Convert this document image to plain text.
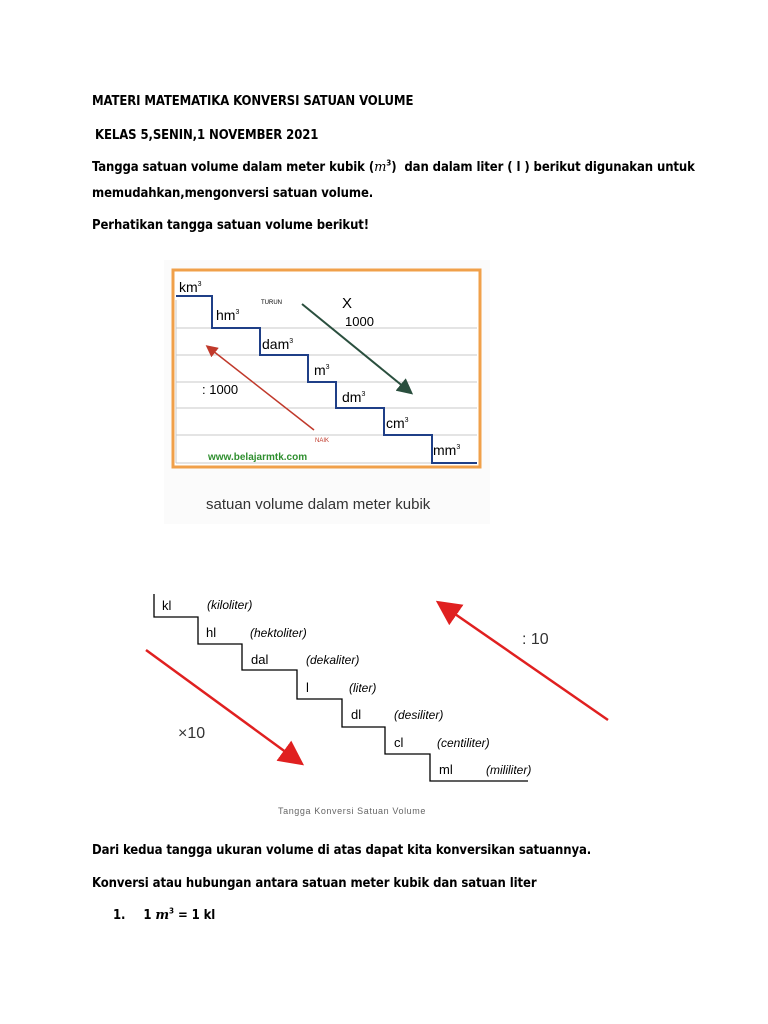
MATERI MATEMATIKA KONVERSI SATUAN VOLUME
KELAS 5,SENIN,1 NOVEMBER 2021
Tangga satuan volume dalam meter kubik $(m^3)$  dan dalam liter ( l ) berikut digunakan untuk
memudahkan,mengonversi satuan volume.
Perhatikan tangga satuan volume berikut!
$km^3$
$hm^3$
dam$^3$
$m^3$
$dm^3$
$cm^3$
$mm^3$
TURUN	X
1000
: 1000
NAIK
www.belajarmtk.com
satuan volume dalam meter kubik
kl	(kiloliter)
hl	(hektoliter)
dal	(dekaliter)
l	(liter)
dl	(desiliter)
cl	(centiliter)
ml	(mililiter)
×10
: 10
Tangga Konversi Satuan Volume
Dari kedua tangga ukuran volume di atas dapat kita konversikan satuannya.
Konversi atau hubungan antara satuan meter kubik dan satuan liter
1. 1 $m^3 = 1$ kl
